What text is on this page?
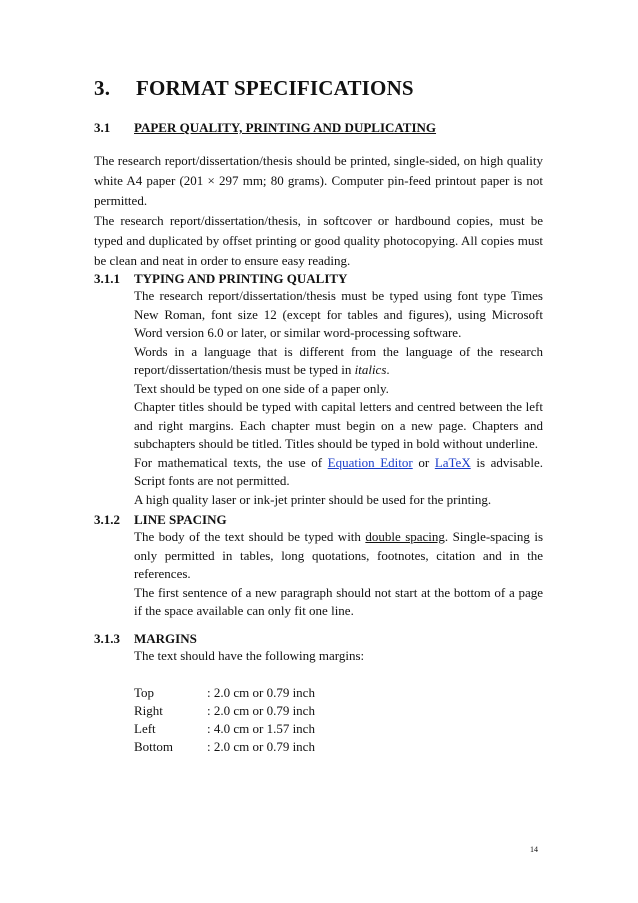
3. FORMAT SPECIFICATIONS
3.1 PAPER QUALITY, PRINTING AND DUPLICATING
The research report/dissertation/thesis should be printed, single-sided, on high quality white A4 paper (201 × 297 mm; 80 grams). Computer pin-feed printout paper is not permitted.
The research report/dissertation/thesis, in softcover or hardbound copies, must be typed and duplicated by offset printing or good quality photocopying. All copies must be clean and neat in order to ensure easy reading.
3.1.1 TYPING AND PRINTING QUALITY

The research report/dissertation/thesis must be typed using font type Times New Roman, font size 12 (except for tables and figures), using Microsoft Word version 6.0 or later, or similar word-processing software.

Words in a language that is different from the language of the research report/dissertation/thesis must be typed in italics.

Text should be typed on one side of a paper only.

Chapter titles should be typed with capital letters and centred between the left and right margins. Each chapter must begin on a new page. Chapters and subchapters should be titled. Titles should be typed in bold without underline.

For mathematical texts, the use of Equation Editor or LaTeX is advisable. Script fonts are not permitted.

A high quality laser or ink-jet printer should be used for the printing.

3.1.2 LINE SPACING

The body of the text should be typed with double spacing. Single-spacing is only permitted in tables, long quotations, footnotes, citation and in the references.

The first sentence of a new paragraph should not start at the bottom of a page if the space available can only fit one line.

3.1.3 MARGINS

The text should have the following margins:

Top	: 2.0 cm or 0.79 inch
Right	: 2.0 cm or 0.79 inch
Left	: 4.0 cm or 1.57 inch
Bottom	: 2.0 cm or 0.79 inch
14
